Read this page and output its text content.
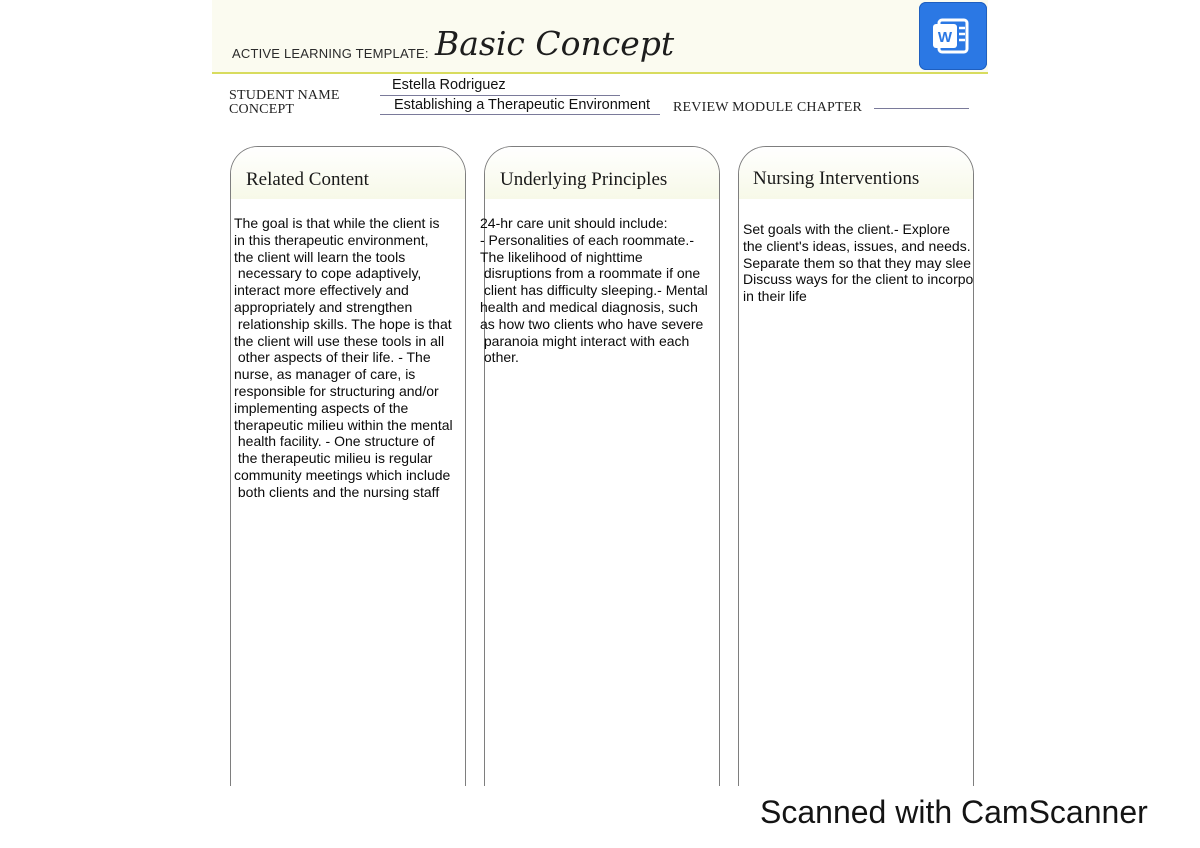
ACTIVE LEARNING TEMPLATE: Basic Concept	W
STUDENT NAME
Estella Rodriguez
CONCEPT	Establishing a Therapeutic Environment REVIEW MODULE CHAPTER
Related Content
The goal is that while the client is
in this therapeutic environment,
the client will learn the tools
necessary to cope adaptively,
interact more effectively and
appropriately and strengthen
relationship skills. The hope is that
the client will use these tools in all
other aspects of their life. - The
nurse, as manager of care, is
responsible for structuring and/or
implementing aspects of the
therapeutic milieu within the mental
health facility. - One structure of
the therapeutic milieu is regular
community meetings which include
both clients and the nursing staff
Underlying Principles
24-hr care unit should include:
- Personalities of each roommate.-
The likelihood of nighttime
disruptions from a roommate if one
client has difficulty sleeping.- Mental
health and medical diagnosis, such
as how two clients who have severe
paranoia might interact with each
other.
Nursing Interventions
Set goals with the client.- Explore
the client's ideas, issues, and needs.
Separate them so that they may slee
Discuss ways for the client to incorpo
in their life
Scanned with CamScanner
